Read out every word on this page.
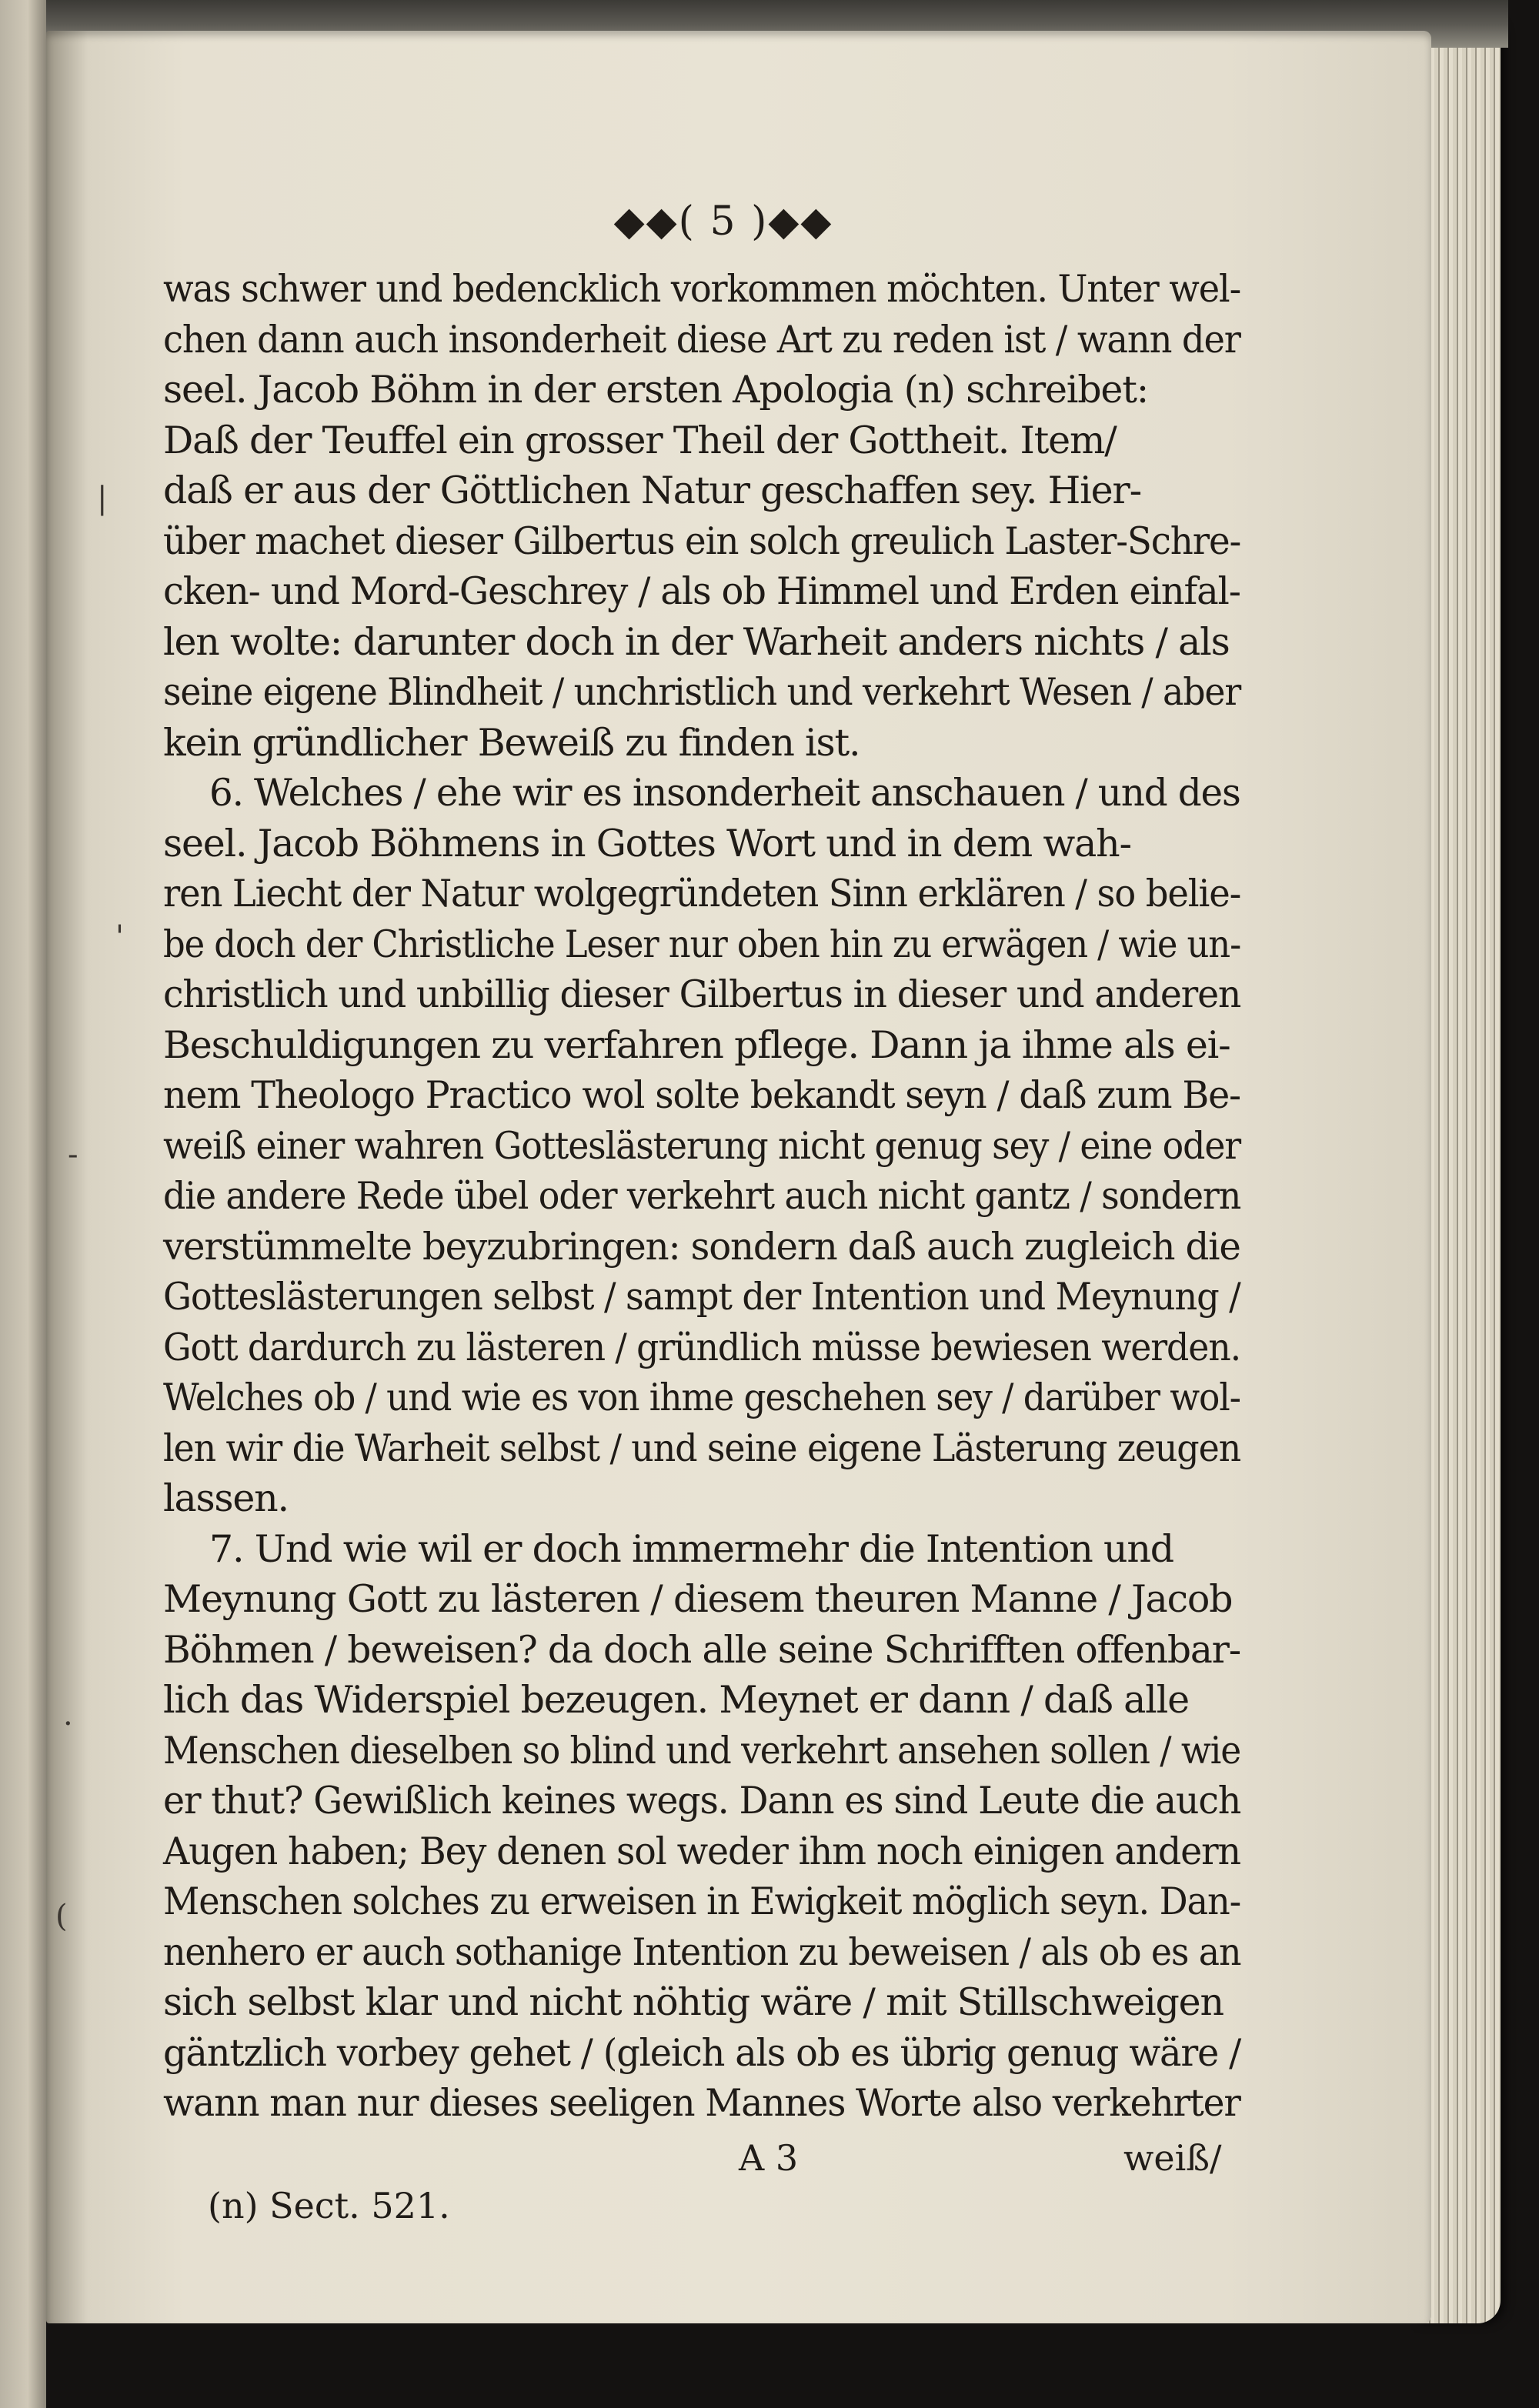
◆◆( 5 )◆◆
was schwer und bedencklich vorkommen möchten. Unter wel-
chen dann auch insonderheit diese Art zu reden ist / wann der
seel. Jacob Böhm in der ersten Apologia (n) schreibet:
Daß der Teuffel ein grosser Theil der Gottheit. Item/
daß er aus der Göttlichen Natur geschaffen sey. Hier-
über machet dieser Gilbertus ein solch greulich Laster-Schre-
cken- und Mord-Geschrey / als ob Himmel und Erden einfal-
len wolte: darunter doch in der Warheit anders nichts / als
seine eigene Blindheit / unchristlich und verkehrt Wesen / aber
kein gründlicher Beweiß zu finden ist.
6. Welches / ehe wir es insonderheit anschauen / und des
seel. Jacob Böhmens in Gottes Wort und in dem wah-
ren Liecht der Natur wolgegründeten Sinn erklären / so belie-
be doch der Christliche Leser nur oben hin zu erwägen / wie un-
christlich und unbillig dieser Gilbertus in dieser und anderen
Beschuldigungen zu verfahren pflege. Dann ja ihme als ei-
nem Theologo Practico wol solte bekandt seyn / daß zum Be-
weiß einer wahren Gotteslästerung nicht genug sey / eine oder
die andere Rede übel oder verkehrt auch nicht gantz / sondern
verstümmelte beyzubringen: sondern daß auch zugleich die
Gotteslästerungen selbst / sampt der Intention und Meynung /
Gott dardurch zu lästeren / gründlich müsse bewiesen werden.
Welches ob / und wie es von ihme geschehen sey / darüber wol-
len wir die Warheit selbst / und seine eigene Lästerung zeugen
lassen.
7. Und wie wil er doch immermehr die Intention und
Meynung Gott zu lästeren / diesem theuren Manne / Jacob
Böhmen / beweisen? da doch alle seine Schrifften offenbar-
lich das Widerspiel bezeugen. Meynet er dann / daß alle
Menschen dieselben so blind und verkehrt ansehen sollen / wie
er thut? Gewißlich keines wegs. Dann es sind Leute die auch
Augen haben; Bey denen sol weder ihm noch einigen andern
Menschen solches zu erweisen in Ewigkeit möglich seyn. Dan-
nenhero er auch sothanige Intention zu beweisen / als ob es an
sich selbst klar und nicht nöhtig wäre / mit Stillschweigen
gäntzlich vorbey gehet / (gleich als ob es übrig genug wäre /
wann man nur dieses seeligen Mannes Worte also verkehrter
|
'
-
·
(
A 3	weiß/
(n) Sect. 521.
